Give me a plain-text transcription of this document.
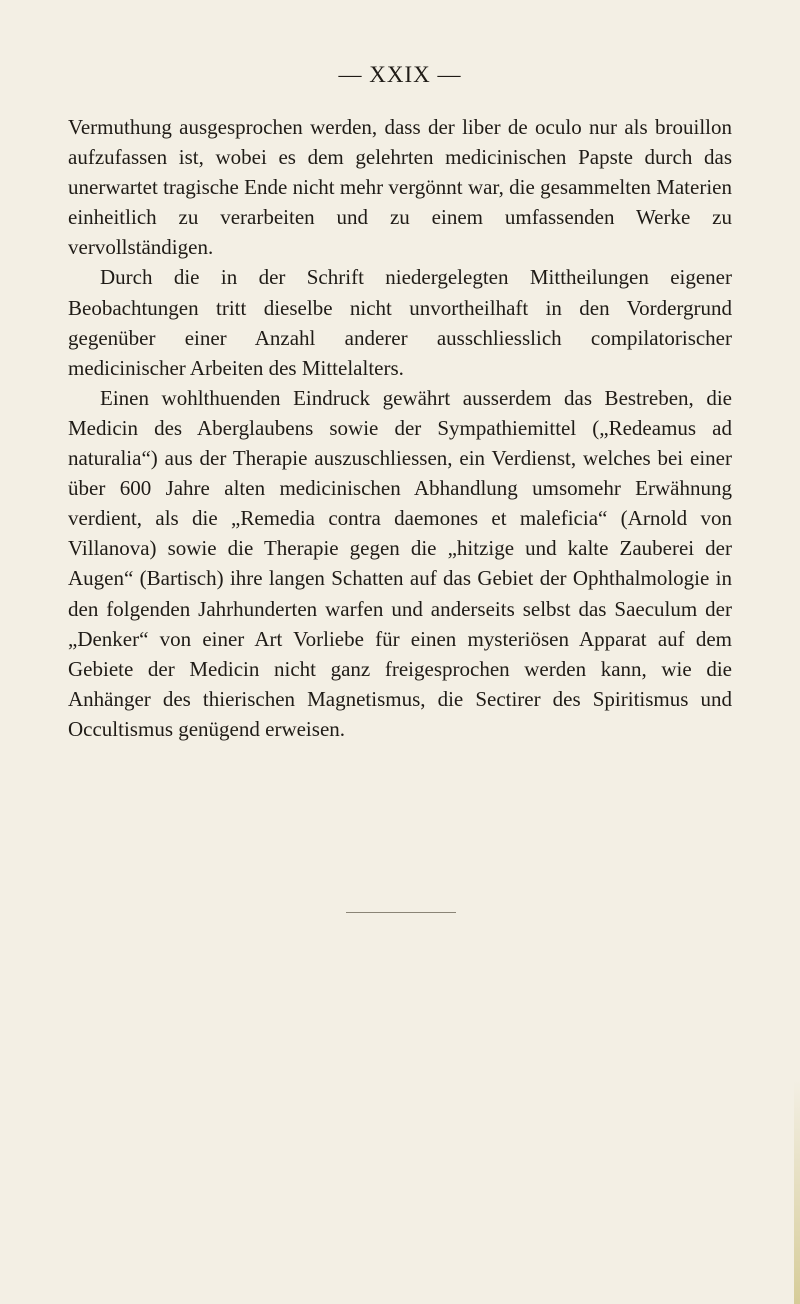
— XXIX —

Vermuthung ausgesprochen werden, dass der liber de oculo nur als brouillon aufzufassen ist, wobei es dem gelehrten medicinischen Papste durch das unerwartet tragische Ende nicht mehr vergönnt war, die gesammelten Materien einheitlich zu verarbeiten und zu einem umfassenden Werke zu vervollständigen.

Durch die in der Schrift niedergelegten Mittheilungen eigener Beobachtungen tritt dieselbe nicht unvortheilhaft in den Vordergrund gegenüber einer Anzahl anderer ausschliesslich compilatorischer medicinischer Arbeiten des Mittelalters.

Einen wohlthuenden Eindruck gewährt ausserdem das Bestreben, die Medicin des Aberglaubens sowie der Sympathiemittel („Redeamus ad naturalia“) aus der Therapie auszuschliessen, ein Verdienst, welches bei einer über 600 Jahre alten medicinischen Abhandlung umsomehr Erwähnung verdient, als die „Remedia contra daemones et maleficia“ (Arnold von Villanova) sowie die Therapie gegen die „hitzige und kalte Zauberei der Augen“ (Bartisch) ihre langen Schatten auf das Gebiet der Ophthalmologie in den folgenden Jahrhunderten warfen und anderseits selbst das Saeculum der „Denker“ von einer Art Vorliebe für einen mysteriösen Apparat auf dem Gebiete der Medicin nicht ganz freigesprochen werden kann, wie die Anhänger des thierischen Magnetismus, die Sectirer des Spiritismus und Occultismus genügend erweisen.
